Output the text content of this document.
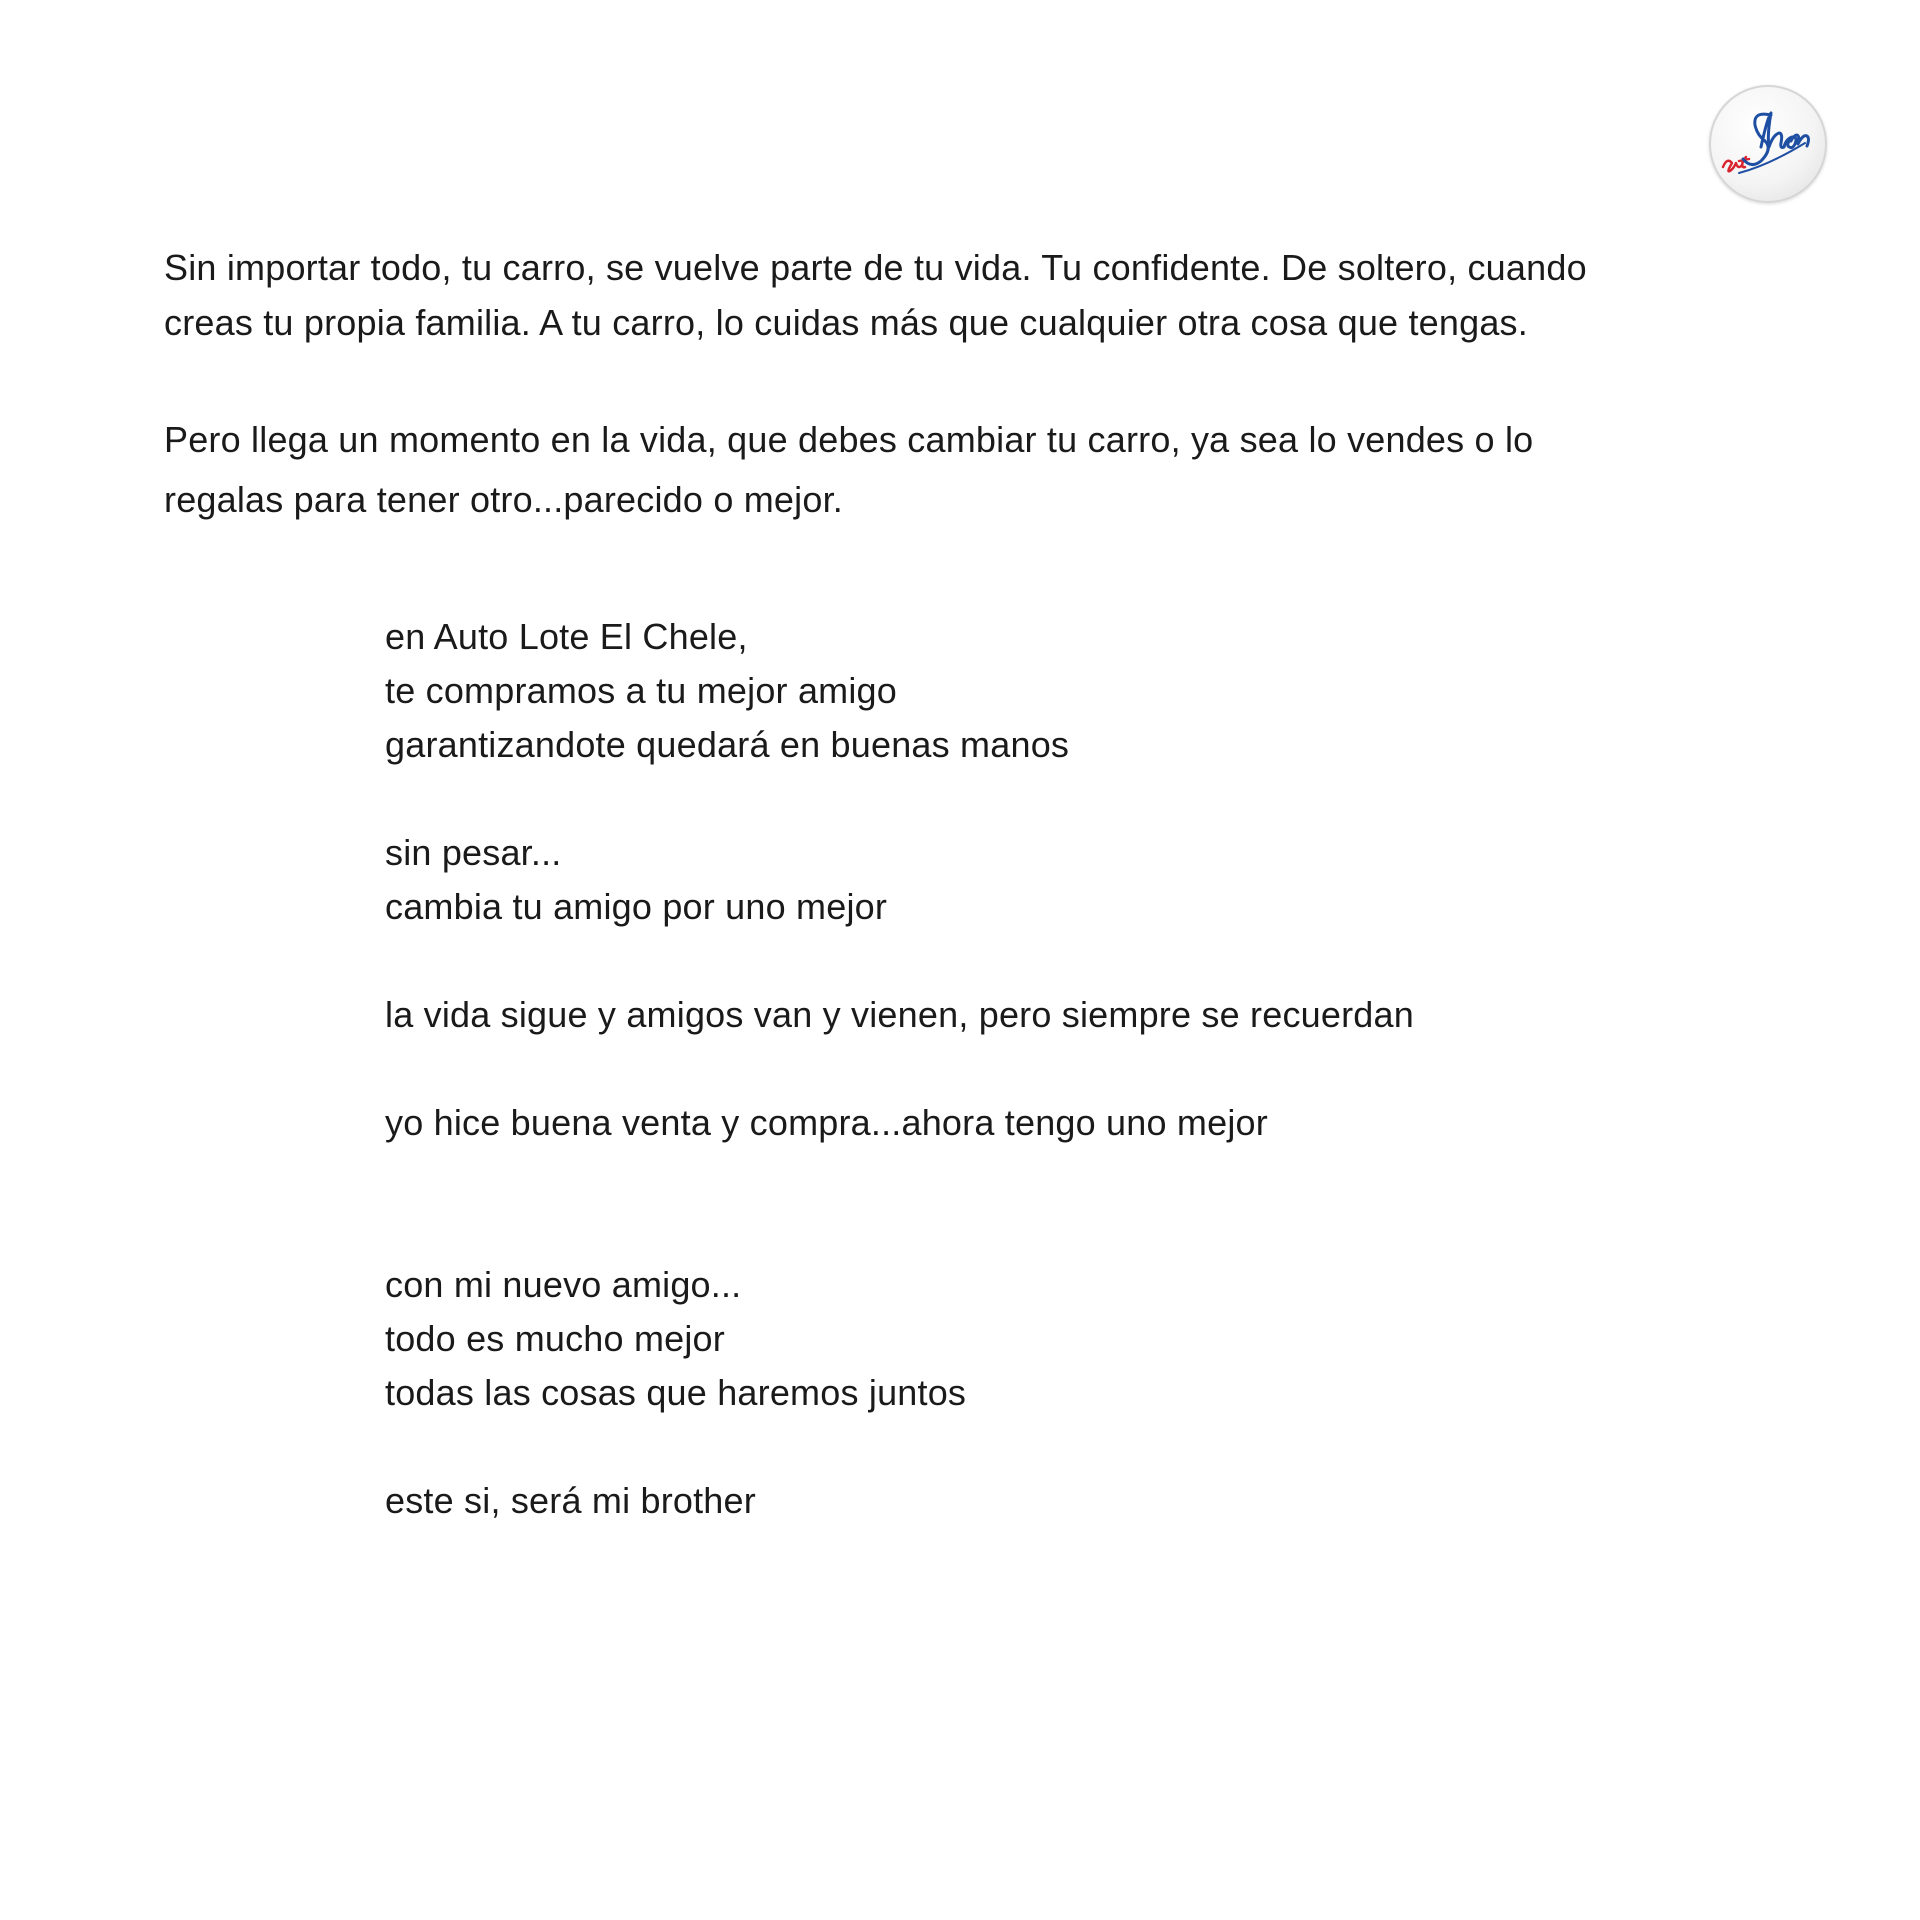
Sin importar todo, tu carro, se vuelve parte de tu vida. Tu confidente. De soltero, cuando
creas tu propia familia. A tu carro, lo cuidas más que cualquier otra cosa que tengas.

Pero llega un momento en la vida, que debes cambiar tu carro, ya sea lo vendes o lo
regalas para tener otro...parecido o mejor.

en Auto Lote El Chele,
te compramos a tu mejor amigo
garantizandote quedará en buenas manos
sin pesar...
cambia tu amigo por uno mejor
la vida sigue y amigos van y vienen, pero siempre se recuerdan
yo hice buena venta y compra...ahora tengo uno mejor
con mi nuevo amigo...
todo es mucho mejor
todas las cosas que haremos juntos
este si, será mi brother
